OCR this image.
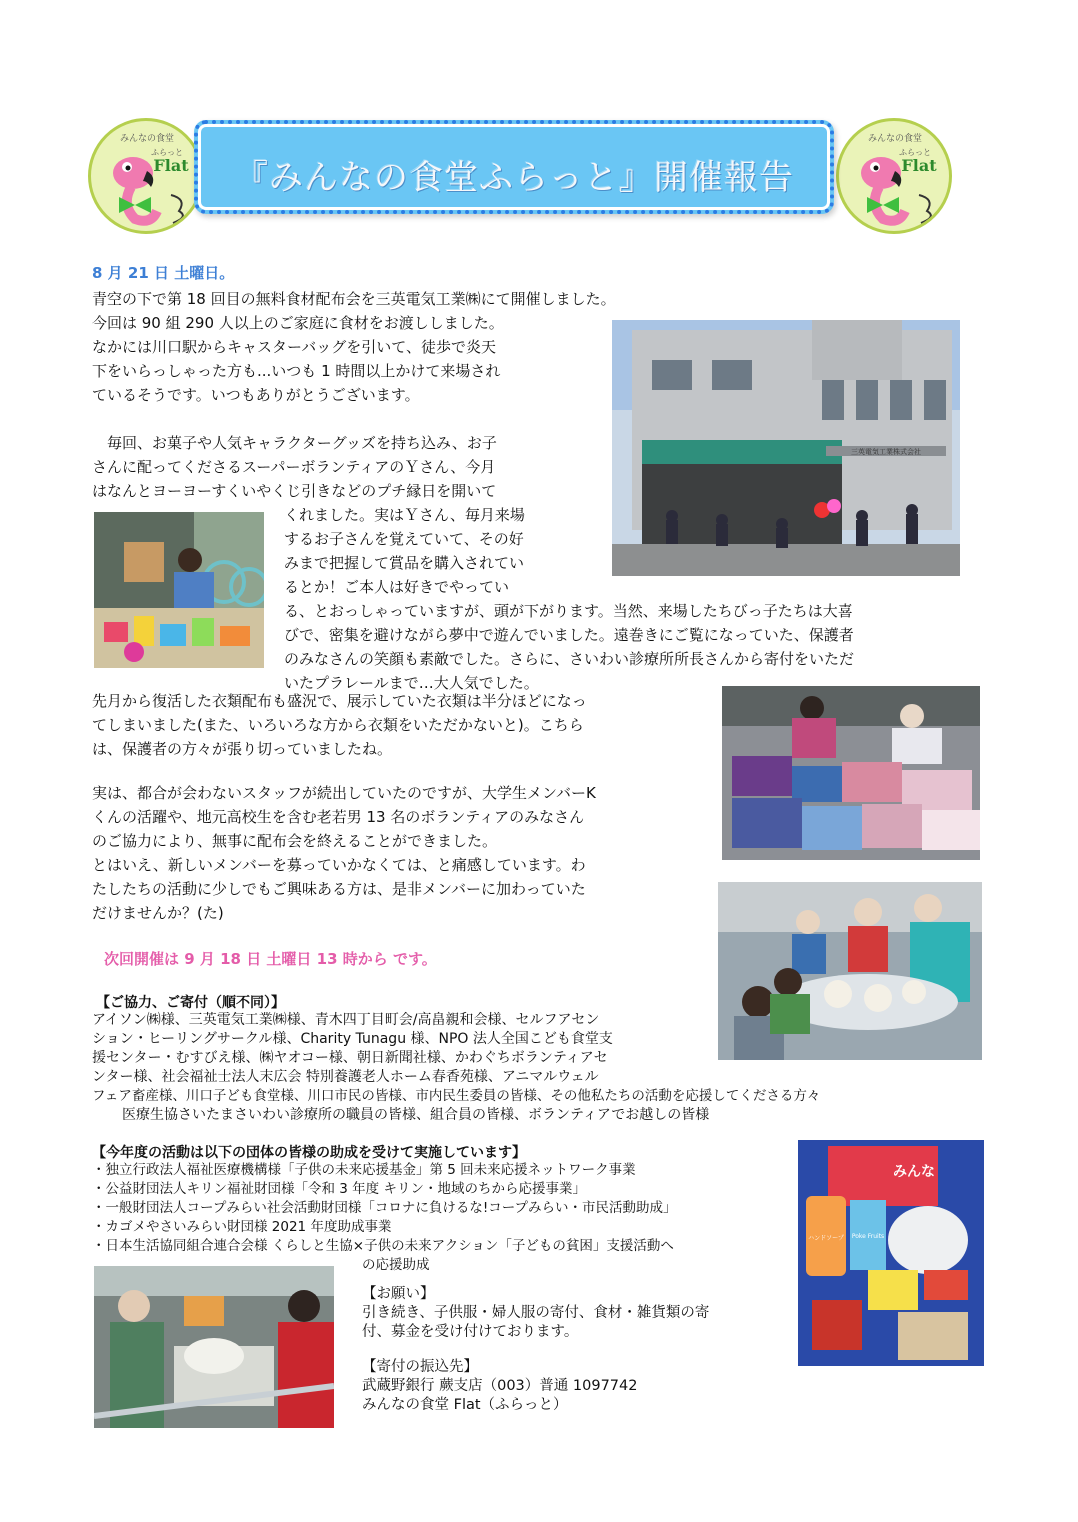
みんなの食堂
ふらっと
Flat
みんなの食堂
ふらっと
Flat
『みんなの食堂ふらっと』開催報告
8 月 21 日 土曜日。
青空の下で第 18 回目の無料食材配布会を三英電気工業㈱にて開催しました。
今回は 90 組 290 人以上のご家庭に食材をお渡ししました。
なかには川口駅からキャスターバッグを引いて、徒歩で炎天
下をいらっしゃった方も...いつも 1 時間以上かけて来場され
ているそうです。いつもありがとうございます。
三英電気工業株式会社
　毎回、お菓子や人気キャラクターグッズを持ち込み、お子
さんに配ってくださるスーパーボランティアのＹさん、今月
はなんとヨーヨーすくいやくじ引きなどのプチ縁日を開いて
くれました。実はＹさん、毎月来場
するお子さんを覚えていて、その好
みまで把握して賞品を購入されてい
るとか！ご本人は好きでやってい
る、とおっしゃっていますが、頭が下がります。当然、来場したちびっ子たちは大喜
びで、密集を避けながら夢中で遊んでいました。遠巻きにご覧になっていた、保護者
のみなさんの笑顔も素敵でした。さらに、さいわい診療所所長さんから寄付をいただ
いたプラレールまで…大人気でした。
先月から復活した衣類配布も盛況で、展示していた衣類は半分ほどになっ
てしまいました(また、いろいろな方から衣類をいただかないと)。こちら
は、保護者の方々が張り切っていましたね。
実は、都合が会わないスタッフが続出していたのですが、大学生メンバーK
くんの活躍や、地元高校生を含む老若男 13 名のボランティアのみなさん
のご協力により、無事に配布会を終えることができました。
とはいえ、新しいメンバーを募っていかなくては、と痛感しています。わ
たしたちの活動に少しでもご興味ある方は、是非メンバーに加わっていた
だけませんか？(た)
次回開催は 9 月 18 日 土曜日 13 時から です。
【ご協力、ご寄付（順不同）】
アイソン㈱様、三英電気工業㈱様、青木四丁目町会/高畠親和会様、セルフアセン
ション・ヒーリングサークル様、Charity Tunagu 様、NPO 法人全国こども食堂支
援センター・むすびえ様、㈱ヤオコー様、朝日新聞社様、かわぐちボランティアセ
ンター様、社会福祉士法人末広会 特別養護老人ホーム春香苑様、アニマルウェル
フェア畜産様、川口子ども食堂様、川口市民の皆様、市内民生委員の皆様、その他私たちの活動を応援してくださる方々
医療生協さいたまさいわい診療所の職員の皆様、組合員の皆様、ボランティアでお越しの皆様
【今年度の活動は以下の団体の皆様の助成を受けて実施しています】
・独立行政法人福祉医療機構様「子供の未来応援基金」第 5 回未来応援ネットワーク事業
・公益財団法人キリン福祉財団様「令和 3 年度 キリン・地域のちから応援事業」
・一般財団法人コープみらい社会活動財団様「コロナに負けるな!コープみらい・市民活動助成」
・カゴメやさいみらい財団様 2021 年度助成事業
・日本生活協同組合連合会様 くらしと生協×子供の未来アクション「子どもの貧困」支援活動へ
の応援助成
みんな
ハンドソープ Poke Fruits
【お願い】
引き続き、子供服・婦人服の寄付、食材・雑貨類の寄
付、募金を受け付けております。
【寄付の振込先】
武蔵野銀行 蕨支店（003）普通 1097742
みんなの食堂 Flat（ふらっと）
